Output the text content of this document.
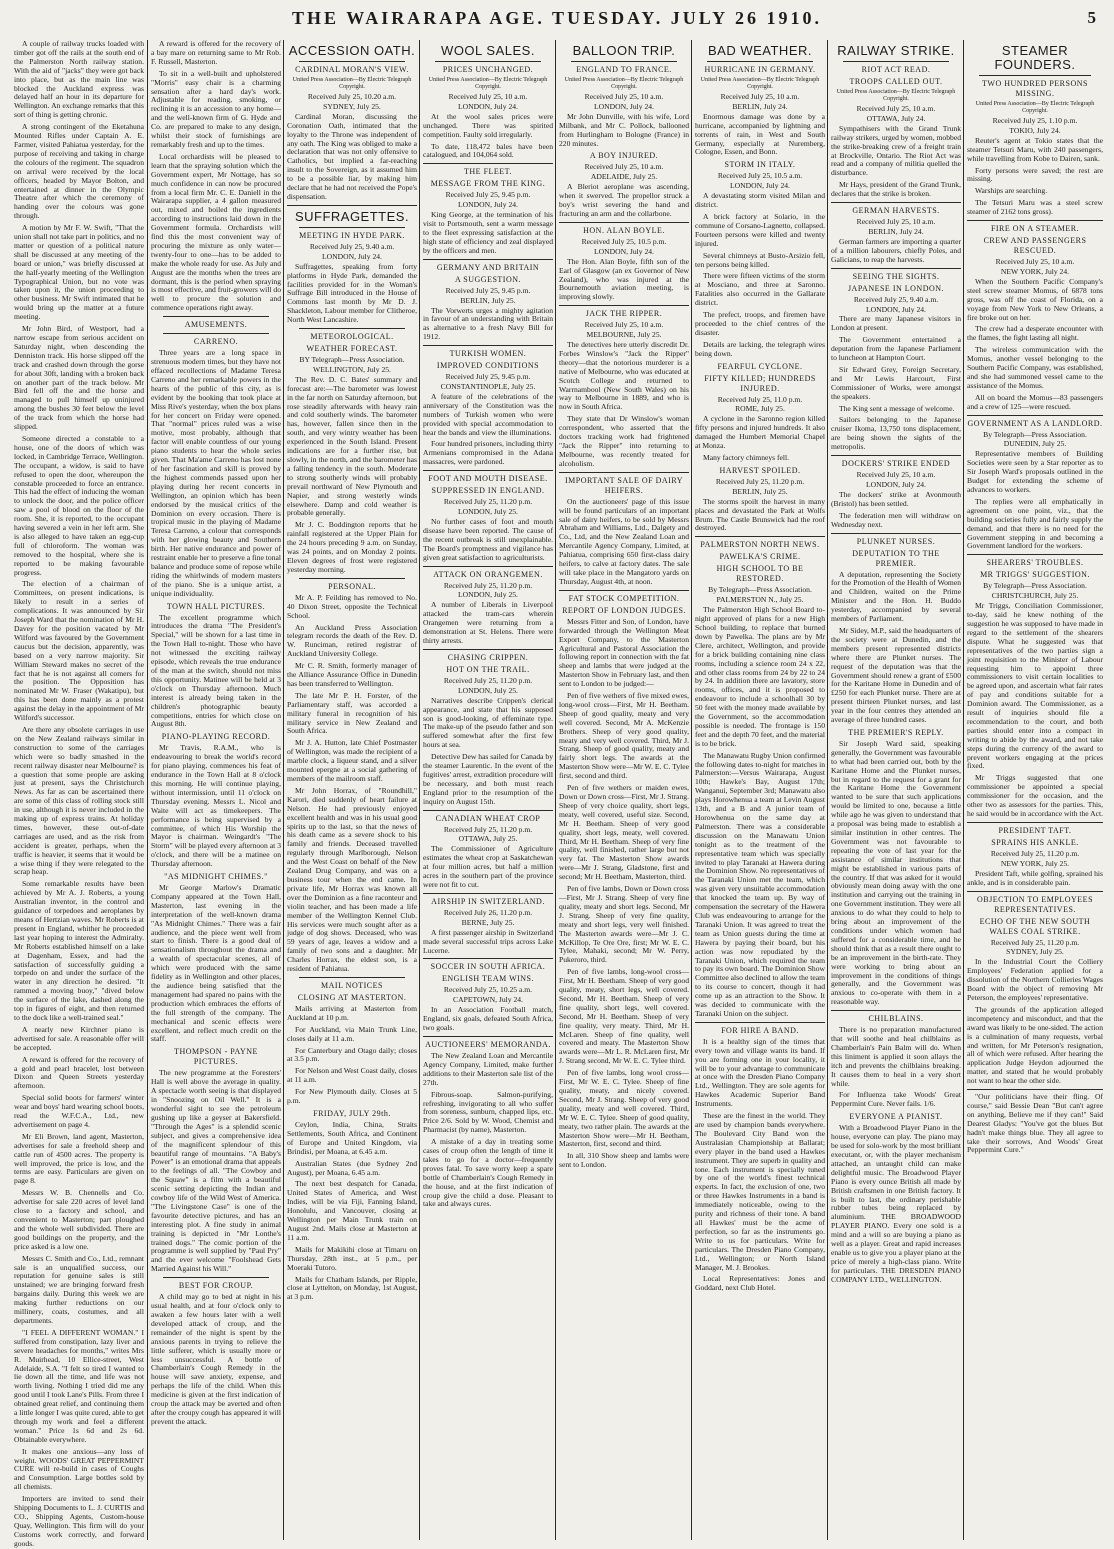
THE WAIRARAPA AGE. TUESDAY. JULY 26 1910.	5

A couple of railway trucks loaded with timber got off the rails at the south end of the Palmerston North railway station. With the aid of "jacks" they were got back into place, but as the main line was blocked the Auckland express was delayed half an hour in its departure for Wellington. An exchange remarks that this sort of thing is getting chronic.

A strong contingent of the Eketahuna Mounted Rifles under Captain A. E. Farmer, visited Pahiatua yesterday, for the purpose of receiving and taking in charge the colours of the regiment. The squadron on arrival were received by the local officers, headed by Mayor Bolton, and entertained at dinner in the Olympic Theatre after which the ceremony of handing over the colours was gone through.

A motion by Mr F. W. Swift, "That the union shall not take part in politics, and no matter or question of a political nature shall be discussed at any meeting of the board or union," was briefly discussed at the half-yearly meeting of the Wellington Typographical Union, but no vote was taken upon it, the union proceeding to other business. Mr Swift intimated that he would bring up the matter at a future meeting.

Mr John Bird, of Westport, had a narrow escape from serious accident on Saturday night, when descending the Denniston track. His horse slipped off the track and crashed down through the gorse for about 30ft, landing with a broken back on another part of the track below. Mr Bird fell off the and the horse and managed to pull himself up uninjured among the bushes 30 feet below the level of the track from which the horse had slipped.

Someone directed a constable to a house, one of the doors of which was locked, in Cambridge Terrace, Wellington. The occupant, a widow, is said to have refused to open the door, whereupon the constable proceeded to force an entrance. This had the effect of inducing the woman to unlock the door, and the police officer saw a pool of blood on the floor of the room. She, it is reported, to the occupant having severed a vein in her left arm. She is also alleged to have taken an egg-cup full of chloroform. The woman was removed to the hospital, where she is reported to be making favourable progress.

The election of a chairman of Committees, on present indications, is likely to result in a series of complications. It was announced by Sir Joseph Ward that the nomination of Mr H. Davey for the position vacated by Mr Wilford was favoured by the Government caucus but the decision, apparently, was based on a very narrow majority. Sir William Steward makes no secret of the fact that he is not against all comers for the position. The Opposition has nominated Mr W. Fraser (Wakatipu), but this has been done mainly as a protest against the delay in the appointment of Mr Wilford's successor.

Are there any obsolete carriages in use on the New Zealand railways similar in construction to some of the carriages which were so badly smashed in the recent railway disaster near Melbourne? is a question that some people are asking just at present, says the Christchurch News. As far as can be ascertained there are some of this class of rolling stock still in use, although it is never included in the making up of express trains. At holiday times, however, these out-of-date carriages are used, and as the risk from accident is greater, perhaps, when the traffic is heavier, it seems that it would be a wise thing if they were relegated to the scrap heap.

Some remarkable results have been achieved by Mr A. J. Roberts, a young Australian inventor, in the control and guidance of torpedoes and aeroplanes by means of Hertzian waves. Mr Roberts is at present in England, whither he proceeded last year hoping to interest the Admiralty. Mr Roberts established himself on a lake at Dagenham, Essex, and had the satisfaction of successfully guiding a torpedo on and under the surface of the water in any direction he desired. "It rammed a moving buoy," "dived below the surface of the lake, dashed along the top in figures of eight, and then returned to the dock like a well-trained seal."

A nearly new Kirchner piano is advertised for sale. A reasonable offer will be accepted.

A reward is offered for the recovery of a gold and pearl bracelet, lost between Dixon and Queen Streets yesterday afternoon.

Special solid boots for farmers' winter wear and boys' hard wearing school boots, read the W.F.C.A., Ltd., new advertisement on page 4.

Mr Eli Brown, land agent, Masterton, advertises for sale a freehold sheep and cattle run of 4500 acres. The property is well improved, the price is low, and the terms are easy. Particulars are given on page 8.

Messrs W. B. Chennells and Co. advertise for sale 220 acres of level land close to a factory and school, and convenient to Masterton; part ploughed and the whole well subdivided. There are good buildings on the property, and the price asked is a low one.

Messrs C. Smith and Co., Ltd., remnant sale is an unqualified success, our reputation for genuine sales is still unstained; we are bringing forward fresh bargains daily. During this week we are making further reductions on our millinery, coats, costumes, and all departments.

"I FEEL A DIFFERENT WOMAN." I suffered from constipation, lazy liver and severe headaches for months," writes Mrs R. Muirhead, 10 Ellice-street, West Adelaide, S.A. "I felt so tired I wanted to lie down all the time, and life was not worth living. Nothing I tried did me any good until I took Lane's Pills. From three I obtained great relief, and continuing them a little longer I was quite cured, able to get through my work and feel a different woman." Price 1s 6d and 2s 6d. Obtainable everywhere.

It makes one anxious—any loss of weight. WOODS' GREAT PEPPERMINT CURE will re-build in cases of Coughs and Consumption. Large bottles sold by all chemists.

Importers are invited to send their Shipping Documents to L. J. CURTIS and CO., Shipping Agents, Custom-house Quay, Wellington. This firm will do your Customs work correctly, and forward goods.

A reward is offered for the recovery of a bay mare on returning same to Mr Rob. F. Russell, Masterton.

To sit in a well-built and upholstered "Morris" easy chair is a charming sensation after a hard day's work. Adjustable for reading, smoking, or reclining it is an accession to any home—and the well-known firm of G. Hyde and Co. are prepared to make to any design, whilst their stock of furnishings are remarkably fresh and up to the times.

Local orchardists will be pleased to learn that the spraying solution which the Government expert, Mr Nottage, has so much confidence in can now be procured from a local firm Mr. C. E. Daniell in the Wairarapa supplier, a 4 gallon measured out, mixed and boiled the ingredients according to instructions laid down in the Government formula. Orchardists will find this the most convenient way of procuring the mixture as only water—twenty-four to one—has to be added to make the whole ready for use. As July and August are the months when the trees are dormant, this is the period when spraying is most effective, and fruit-growers will do well to procure the solution and commence operations right away.

AMUSEMENTS.
CARRENO.

Three years are a long space in strenuous modern times, but they have not effaced recollections of Madame Teresa Carreno and her remarkable powers in the hearts of the public of this city, as is evident by the booking that took place at Miss Rive's yesterday, when the box plans for her concert on Friday were opened. That "normal" prices ruled was a wise motive, most probably, although that factor will enable countless of our young piano students to hear the whole series given. That Ma'ame Carreno has lost none of her fascination and skill is proved by the highest commends passed upon her playing during her recent concerts in Wellington, an opinion which has been endorsed by the musical critics of the Dominion on every occasion. There is tropical music in the playing of Madame Teresa Carreno, a colour that corresponds with her glowing beauty and Southern birth. Her native endurance and power of restraint enable her to preserve a fine tonal balance and produce some of repose while riding the whirlwinds of modern masters of the piano. She is a unique artist, a unique individuality.

TOWN HALL PICTURES.

The excellent programme which introduces the drama "The President's Special," will be shown for a last time in the Town Hall to-night. Those who have not witnessed the exciting railway episode, which reveals the true endurance of the man at the switch, should not miss this opportunity. Matinee will be held at 3 o'clock on Thursday afternoon. Much interest is already being taken in the children's photographic beauty competitions, entries for which close on August 8th.

PIANO-PLAYING RECORD.

Mr Travis, R.A.M., who is endeavouring to break the world's record for piano playing, commences his feat of endurance in the Town Hall at 8 o'clock this morning. He will continue playing, without intermission, until 11 o'clock on Thursday evening. Messrs L. Nicol and Waite will act as timekeepers. The performance is being supervised by a committee, of which His Worship the Mayor is chairman. Weingardt's "The Storm" will be played every afternoon at 3 o'clock, and there will be a matinee on Thursday afternoon.

"AS MIDNIGHT CHIMES."

Mr George Marlow's Dramatic Company appeared at the Town Hall, Masterton, last evening in the interpretation of the well-known drama "As Midnight Chimes." There was a fair audience, and the piece went well from start to finish. There is a good deal of sensationalism throughout the drama and a wealth of spectacular scenes, all of which were produced with the same fidelity as in Wellington and other places, the audience being satisfied that the management had spared no pains with the production which embraces the efforts of the full strength of the company. The mechanical and scenic effects were excellent, and reflect much credit on the staff.

THOMPSON - PAYNE PICTURES.

The new programme at the Foresters' Hall is well above the average in quality. A spectacle worth seeing is that displayed in "Snoozing on Oil Well." It is a wonderful sight to see the petroleum gushing up like a geyser at Bakersfield. "Through the Ages" is a splendid scenic subject, and gives a comprehensive idea of the magnificent splendour of this beautiful range of mountains. "A Baby's Power" is an emotional drama that appeals to the feelings of all. "The Cowboy and the Squaw" is a film with a beautiful scenic setting depicting the Indian and cowboy life of the Wild West of America. "The Livingstone Case" is one of the favourite detective pictures, and has an interesting plot. A fine study in animal training is depicted in "Mr Lonthe's trained dogs." The comic portion of the programme is well supplied by "Paul Pry" and the ever welcome "Foolshead Gets Married Against his Will."

BEST FOR CROUP.

A child may go to bed at night in his usual health, and at four o'clock only to awaken a few hours later with a well developed attack of croup, and the remainder of the night is spent by the anxious parents in trying to relieve the little sufferer, which is usually more or less unsuccessful. A bottle of Chamberlain's Cough Remedy in the house will save anxiety, expense, and perhaps the life of the child. When this medicine is given at the first indication of croup the attack may be averted and often after the croupy cough has appeared it will prevent the attack.

ACCESSION OATH.
CARDINAL MORAN'S VIEW.
United Press Association—By Electric Telegraph Copyright.
Received July 25, 10.20 a.m.
SYDNEY, July 25.

Cardinal Moran, discussing the Coronation Oath, intimated that the loyalty to the Throne was independent of any oath. The King was obliged to make a declaration that was not only offensive to Catholics, but implied a far-reaching insult to the Sovereign, as it assumed him to be a possible liar, by making him declare that he had not received the Pope's dispensation.

SUFFRAGETTES.
MEETING IN HYDE PARK.
Received July 25, 9.40 a.m.
LONDON, July 24.

Suffragettes, speaking from forty platforms in Hyde Park, demanded the facilities provided for in the Woman's Suffrage Bill introduced in the House of Commons last month by Mr D. J. Shackleton, Labour member for Clitheroe, North West Lancashire.

METEOROLOGICAL.
WEATHER FORECAST.
BY Telegraph—Press Association.
WELLINGTON, July 25.

The Rev. D. C. Bates' summary and forecast are:—The barometer was lowest in the far north on Saturday afternoon, but rose steadily afterwards with heavy rain and cold southerly winds. The barometer has, however, fallen since then in the south, and very wintry weather has been experienced in the South Island. Present indications are for a further rise, but slowly, in the north, and the barometer has a falling tendency in the south. Moderate to strong southerly winds will probably prevail northward of New Plymouth and Napier, and strong westerly winds elsewhere. Damp and cold weather is probable generally.

Mr J. C. Boddington reports that he rainfall registered at the Upper Plain for the 24 hours preceding 9 a.m. on Sunday, was 24 points, and on Monday 2 points. Eleven degrees of frost were registered yesterday morning.

PERSONAL.

Mr A. P. Feilding has removed to No. 40 Dixon Street, opposite the Technical School.

An Auckland Press Association telegram records the death of the Rev. D. W. Runciman, retired registrar of Auckland University College.

Mr C. R. Smith, formerly manager of the Alliance Assurance Office in Dunedin has been transferred to Wellington.

The late Mr P. H. Forster, of the Parliamentary staff, was accorded a military funeral in recognition of his military service in New Zealand and South Africa.

Mr J. A. Hutton, late Chief Postmaster of Wellington, was made the recipient of a marble clock, a liqueur stand, and a silver mounted epergne at a social gathering of members of the mailroom staff.

Mr John Horrax, of "Roundhill," Karori, died suddenly of heart failure at Nelson. He had previously enjoyed excellent health and was in his usual good spirits up to the last, so that the news of his death came as a severe shock to his family and friends. Deceased travelled regularly through Marlborough, Nelson and the West Coast on behalf of the New Zealand Drug Company, and was on a business tour when the end came. In private life, Mr Horrax was known all over the Dominion as a fine raconteur and violin teacher, and has been made a life member of the Wellington Kennel Club. His services were much sought after as a judge of dog shows. Deceased, who was 59 years of age, leaves a widow and a family of two sons and a daughter. Mr Charles Horrax, the eldest son, is a resident of Pahiatua.

MAIL NOTICES
CLOSING AT MASTERTON.

Mails arriving at Masterton from Auckland at 10 p.m.

For Auckland, via Main Trunk Line, closes daily at 11 a.m.

For Canterbury and Otago daily; closes at 3.5 p.m.

For Nelson and West Coast daily, closes at 11 a.m.

For New Plymouth daily. Closes at 5 p.m.

FRIDAY, JULY 29th.

Ceylon, India, China, Straits Settlements, South Africa, and Continent of Europe and United Kingdom, via Brindisi, per Moana, at 6.45 a.m.

Australian States (due Sydney 2nd August), per Moana, 6.45 a.m.

The next best despatch for Canada, United States of America, and West Indies, will be via Fiji, Fanning Island, Honolulu, and Vancouver, closing at Wellington per Main Trunk train on August 2nd. Mails close at Masterton at 11 a.m.

Mails for Makikihi close at Timaru on Thursday, 28th inst., at 5 p.m., per Moeraki Tutoro.

Mails for Chatham Islands, per Ripple, close at Lyttelton, on Monday, 1st August, at 3 p.m.

WOOL SALES.
PRICES UNCHANGED.
United Press Association—By Electric Telegraph Copyright.
Received July 25, 10 a.m.
LONDON, July 24.

At the wool sales prices were unchanged. There was spirited competition. Faulty sold irregularly.

To date, 118,472 bales have been catalogued, and 104,064 sold.

THE FLEET.
MESSAGE FROM THE KING.
Received July 25, 9.45 p.m.
LONDON, July 24.

King George, at the termination of his visit to Portsmouth, sent a warm message to the fleet expressing satisfaction at the high state of efficiency and zeal displayed by the officers and men.

GERMANY AND BRITAIN
A SUGGESTION.
Received July 25, 9.45 p.m.
BERLIN, July 25.

The Vorwerts urges a mighty agitation in favour of an understanding with Britain as alternative to a fresh Navy Bill for 1912.

TURKISH WOMEN.
IMPROVED CONDITIONS
Received July 25, 9.45 p.m.
CONSTANTINOPLE, July 25.

A feature of the celebrations of the anniversary of the Constitution was the numbers of Turkish women who were provided with special accommodation to hear the bands and view the illuminations.

Four hundred prisoners, including thirty Armenians compromised in the Adana massacres, were pardoned.

FOOT AND MOUTH DISEASE.
SUPPRESSED IN ENGLAND.
Received July 25, 11.20 p.m.
LONDON, July 25.

No further cases of foot and mouth disease have been reported. The cause of the recent outbreak is still unexplainable. The Board's promptness and vigilance has given great satisfaction to agriculturists.

ATTACK ON ORANGEMEN.
Received July 25, 11.20 p.m.
LONDON, July 25.

A number of Liberals in Liverpool attacked the tram-cars wherein Orangemen were returning from a demonstration at St. Helens. There were thirty arrests.

CHASING CRIPPEN.
HOT ON THE TRAIL.
Received July 25, 11.20 p.m.
LONDON, July 25.

Narratives describe Crippen's clerical appearance, and state that his supposed son is good-looking, of effeminate type. The make-up of the pseudo father and son suffered somewhat after the first few hours at sea.

Detective Dew has sailed for Canada by the steamer Laurentic. In the event of the fugitives' arrest, extradition procedure will be necessary, and both must reach England prior to the resumption of the inquiry on August 15th.

CANADIAN WHEAT CROP
Received July 25, 11.20 p.m.
OTTAWA, July 25.

The Commissioner of Agriculture estimates the wheat crop at Saskatchewan at four million acres, but half a million acres in the southern part of the province were not fit to cut.

AIRSHIP IN SWITZERLAND.
Received July 26, 11.20 p.m.
BERNE, July 25.

A first passenger airship in Switzerland made several successful trips across Lake Lucerne.

SOCCER IN SOUTH AFRICA.
ENGLISH TEAM WINS.
Received July 25, 10.25 a.m.
CAPETOWN, July 24.

In an Association Football match, England, six goals, defeated South Africa, two goals.

AUCTIONEERS' MEMORANDA.

The New Zealand Loan and Mercantile Agency Company, Limited, make further additions to their Masterton sale list of the 27th.

Fibrous-soap. Salmon-purifying, refreshing, invigorating to all who suffer from soreness, sunburn, chapped lips, etc. Price 2/6. Sold by W. Wood, Chemist and Pharmacist (by name), Masterton.

A mistake of a day in treating some cases of croup often the length of time it takes to go for a doctor—frequently proves fatal. To save worry keep a spare bottle of Chamberlain's Cough Remedy in the house, and at the first indication of croup give the child a dose. Pleasant to take and always cures.

BALLOON TRIP.
ENGLAND TO FRANCE.
United Press Association—By Electric Telegraph Copyright.
Received July 25, 10 a.m.
LONDON, July 24.

Mr John Dunville, with his wife, Lord Milbank, and Mr C. Pollock, ballooned from Hurlingham to Bologne (France) in 220 minutes.

A BOY INJURED.
Received July 25, 10 a.m.
ADELAIDE, July 25.

A Bleriot aeroplane was ascending, when it swerved. The propellor struck a boy's wrist severing the hand and fracturing an arm and the collarbone.

HON. ALAN BOYLE.
Received July 25, 10.5 p.m.
LONDON, July 24.

The Hon. Alan Boyle, fifth son of the Earl of Glasgow (an ex Governor of New Zealand), who was injured at the Bournemouth aviation meeting, is improving slowly.

JACK THE RIPPER.
Received July 25, 10 a.m.
MELBOURNE, July 25.

The detectives here utterly discredit Dr. Forbes Winslow's "Jack the Ripper" theory—that the notorious murderer is a native of Melbourne, who was educated at Scotch College and returned to Warrnambool (New South Wales) on his way to Melbourne in 1889, and who is now in South Africa.

They state that Dr Winslow's woman correspondent, who asserted that the doctors tracking work had frightened "Jack the Ripper" into returning to Melbourne, was recently treated for alcoholism.

IMPORTANT SALE OF DAIRY HEIFERS.

On the auctioneers' page of this issue will be found particulars of an important sale of dairy heifers, to be sold by Messrs Abraham and Williams, Ltd., Dalgety and Co., Ltd, and the New Zealand Loan and Mercantile Agency Company, Limited, at Pahiatua, comprising 650 first-class dairy heifers, to calve at factory dates. The sale will take place in the Mangatoro yards on Thursday, August 4th, at noon.

FAT STOCK COMPETITION.
REPORT OF LONDON JUDGES.

Messrs Fitter and Son, of London, have forwarded through the Wellington Meat Export Company, to the Masterton Agricultural and Pastoral Association the following report in connection with the fat sheep and lambs that were judged at the Masterton Show in February last, and then sent to London to be judged:—

Pen of five wethers of five mixed ewes, long-wool cross—First, Mr H. Beetham. Sheep of good quality, meaty and very well covered. Second, Mr A. McKenzie Brothers. Sheep of very good quality, meaty and very well covered. Third, Mr J. Strang. Sheep of good quality, meaty and fairly short legs. The awards at the Masterton Show were—Mr W. E. C. Tylee first, second and third.

Pen of five wethers or maiden ewes, Down or Down cross—First, Mr J. Strang. Sheep of very choice quality, short legs, meaty, well covered, useful size. Second, Mr H. Beetham. Sheep of very good quality, short legs, meaty, well covered. Third, Mr H. Beetham. Sheep of very fine quality, well finished, rather large but not very fat. The Masterton Show awards were—Mr J. Strang, Gladstone, first and second; Mr H. Beetham, Masterton, third.

Pen of five lambs, Down or Down cross—First, Mr J. Strang. Sheep of very fine quality, meaty and short legs. Second, Mr J. Strang. Sheep of very fine quality, meaty and short legs, very well finished. The Masterton awards were—Mr J. C. McKillop, Te Ore Ore, first; Mr W. E. C. Tylee, Mahaki, second; Mr W. Perry, Pukeroro, third.

Pen of five lambs, long-wool cross—First, Mr H. Beetham. Sheep of very good quality, meaty, short legs, well covered. Second, Mr H. Beetham. Sheep of very fine quality, short legs, well covered. Second, Mr H. Beetham. Sheep of very fine quality, very meaty. Third, Mr H. McLaren. Sheep of fine quality, well covered and meaty. The Masterton Show awards were—Mr L. R. McLaren first, Mr J. Strang second, Mr W. E. C. Tylee third.

Pen of five lambs, long wool cross—First, Mr W. E. C. Tylee. Sheep of fine quality, meaty, and nicely covered. Second, Mr J. Strang. Sheep of very good quality, meaty and well covered. Third, Mr W. E. C. Tylee. Sheep of good quality, meaty, two rather plain. The awards at the Masterton Show were—Mr H. Beetham, Masterton, first, second and third.

In all, 310 Show sheep and lambs were sent to London.

BAD WEATHER.
HURRICANE IN GERMANY.
United Press Association—By Electric Telegraph Copyright.
Received July 25, 10 a.m.
BERLIN, July 24.

Enormous damage was done by a hurricane, accompanied by lightning and torrents of rain, in West and South Germany, especially at Nuremberg, Cologne, Essen, and Bonn.

STORM IN ITALY.
Received July 25, 10.5 a.m.
LONDON, July 24.

A devastating storm visited Milan and district.

A brick factory at Solario, in the commune of Corsano-Lagnetto, collapsed. Fourteen persons were killed and twenty injured.

Several chimneys at Busto-Arsizio fell, ten persons being killed.

There were fifteen victims of the storm at Mosciano, and three at Saronno. Fatalities also occurred in the Gallarate district.

The prefect, troops, and firemen have proceeded to the chief centres of the disaster.

Details are lacking, the telegraph wires being down.

FEARFUL CYCLONE.
FIFTY KILLED; HUNDREDS INJURED.
Received July 25, 11.0 p.m.
ROME, July 25.

A cyclone in the Saronno region killed fifty persons and injured hundreds. It also damaged the Humbert Memorial Chapel at Monza.

Many factory chimneys fell.

HARVEST SPOILED.
Received July 25, 11.20 p.m.
BERLIN, July 25.

The storms spoilt the harvest in many places and devastated the Park at Wolfs Brum. The Castle Brunswick had the roof destroyed.

PALMERSTON NORTH NEWS.
PAWELKA'S CRIME.
HIGH SCHOOL TO BE RESTORED.
By Telegraph—Press Association.
PALMERSTON N., July 25.

The Palmerston High School Board to-night approved of plans for a new High School building, to replace that burned down by Pawelka. The plans are by Mr Clere, architect, Wellington, and provide for a brick building containing nine class rooms, including a science room 24 x 22, and other class rooms from 24 by 22 to 24 by 24. In addition there are lavatory, store rooms, offices, and it is proposed to endeavour to include a schoolhall 30 by 50 feet with the money made available by the Government, so the accommodation possible is needed. The frontage is 150 feet and the depth 70 feet, and the material is to be brick.

The Manawatu Rugby Union confirmed the following dates to-night for matches in Palmerston:—Versus Wairarapa, August 10th; Hawke's Bay, August 17th; Wanganui, September 3rd; Manawatu also plays Horowhenua a team at Levin August 13th, and a B and A junior team of Horowhenua on the same day at Palmerston. There was a considerable discussion on the Manawatu Union tonight as to the treatment of the representative team which was specially invited to play Taranaki at Hawera during the Dominion Show. No representatives of the Taranaki Union met the team, which was given very unsuitable accommodation that knocked the team up. By way of compensation the secretary of the Hawera Club was endeavouring to arrange for the Taranaki Union. It was agreed to treat the team as Union guests during the time at Hawera by paying their board, but his action was now repudiated by the Taranaki Union, which required the team to pay its own board. The Dominion Show Committee also declined to allow the team to its course to concert, though it had come up as an attraction to the Show. It was decided to communicate with the Taranaki Union on the subject.

FOR HIRE A BAND.

It is a healthy sign of the times that every town and village wants its band. If you are forming one in your locality, it will be to your advantage to communicate at once with the Dresden Piano Company Ltd., Wellington. They are sole agents for Hawkes Academic Superior Band Instruments.

These are the finest in the world. They are used by champion bands everywhere. The Boulevard City Band won the Australasian Championship at Ballarat; every player in the band used a Hawkes instrument. They are superb in quality and tone. Each instrument is specially tuned by one of the world's finest technical experts. In fact, the exclusion of one, two or three Hawkes Instruments in a band is immediately noticeable, owing to the purity and richness of their tone. A band all Hawkes' must be the acme of perfection, so far as the instruments go. Write to us for particulars. Write for particulars. The Dresden Piano Company, Ltd., Wellington; or North Island Manager, M. J. Brookes.

Local Representatives: Jones and Goddard, next Club Hotel.

RAILWAY STRIKE.
RIOT ACT READ.
TROOPS CALLED OUT.
United Press Association—By Electric Telegraph Copyright.
Received July 25, 10 a.m.
OTTAWA, July 24.

Sympathisers with the Grand Trunk railway strikers, urged by women, mobbed the strike-breaking crew of a freight train at Brockville, Ontario. The Riot Act was read and a company of militia quelled the disturbance.

Mr Hays, president of the Grand Trunk, declares that the strike is broken.

GERMAN HARVESTS.
Received July 25, 10 a.m.
BERLIN, July 24.

German farmers are importing a quarter of a million labourers, chiefly Poles, and Galicians, to reap the harvests.

SEEING THE SIGHTS.
JAPANESE IN LONDON.
Received July 25, 9.40 a.m.
LONDON, July 24.

There are many Japanese visitors in London at present.

The Government entertained a deputation from the Japanese Parliament to luncheon at Hampton Court.

Sir Edward Grey, Foreign Secretary, and Mr Lewis Harcourt, First Commissioner of Works, were amongst the speakers.

The King sent a message of welcome.

Sailors belonging to the Japanese cruiser Ikoma, 13,750 tons displacement, are being shown the sights of the metropolis.

DOCKERS' STRIKE ENDED
Received July 25, 10 a.m.
LONDON, July 24.

The dockers' strike at Avonmouth (Bristol) has been settled.

The federation men will withdraw on Wednesday next.

PLUNKET NURSES.
DEPUTATION TO THE PREMIER.

A deputation, representing the Society for the Promotion of the Health of Women and Children, waited on the Prime Minister and the Hon. H. Buddo yesterday, accompanied by several members of Parliament.

Mr Sidey, M.P., said the headquarters of the society were at Dunedin, and the members present represented districts where there are Plunket nurses. The request of the deputation was that the Government should renew a grant of £500 for the Karitane Home in Dunedin and of £250 for each Plunket nurse. There are at present thirteen Plunket nurses, and last year in the four centres they attended an average of three hundred cases.

THE PREMIER'S REPLY.

Sir Joseph Ward said, speaking generally, the Government was favourable to what had been carried out, both by the Karitane Home and the Plunket nurses, but in regard to the request for a grant for the Karitane Home the Government wanted to be sure that such applications would be limited to one, because a little while ago he was given to understand that a proposal was being made to establish a similar institution in other centres. The Government was not favourable to repeating the vote of last year for the assistance of similar institutions that might be established in various parts of the country. If that was asked for it would obviously mean doing away with the one institution and carrying out the training in one Government institution. They were all anxious to do what they could to help to bring about an improvement of the conditions under which women had suffered for a considerable time, and he should think that as a result there ought to be an improvement in the birth-rate. They were working to bring about an improvement in the conditions of things generally, and the Government was anxious to co-operate with them in a reasonable way.

CHILBLAINS.

There is no preparation manufactured that will soothe and heal chilblains as Chamberlain's Pain Balm will do. When this liniment is applied it soon allays the itch and prevents the chilblains breaking. It causes them to heal in a very short while.

For Influenza take Woods' Great Peppermint Cure. Never fails. 1/6.

EVERYONE A PIANIST.

With a Broadwood Player Piano in the house, everyone can play. The piano may be used for solo-work by the most brilliant executant, or, with the player mechanism attached, an untaught child can make delightful music. The Broadwood Player Piano is every ounce British all made by British craftsmen in one British factory. It is built to last, the ordinary perishable rubber tubes being replaced by aluminium. THE BROADWOOD PLAYER PIANO. Every one sold is a mind and a will so are buying a piano as well as a player. Great and rapid increases enable us to give you a player piano at the price of merely a high-class piano. Write for particulars. THE DRESDEN PIANO COMPANY LTD., WELLINGTON.

STEAMER FOUNDERS.
TWO HUNDRED PERSONS MISSING.
United Press Association—By Electric Telegraph Copyright.
Received July 25, 1.10 p.m.
TOKIO, July 24.

Reuter's agent at Tokio states that the steamer Tetsuri Maru, with 240 passengers, while travelling from Kobe to Dairen, sank.

Forty persons were saved; the rest are missing.

Warships are searching.

The Tetsuri Maru was a steel screw steamer of 2162 tons gross).

FIRE ON A STEAMER.
CREW AND PASSENGERS RESCUED.
Received July 25, 10 a.m.
NEW YORK, July 24.

When the Southern Pacific Company's steel screw steamer Momus, of 6878 tons gross, was off the coast of Florida, on a voyage from New York to New Orleans, a fire broke out on her.

The crew had a desperate encounter with the flames, the fight lasting all night.

The wireless communication with the Momus, another vessel belonging to the Southern Pacific Company, was established, and she had summoned vessel came to the assistance of the Momus.

All on board the Momus—83 passengers and a crew of 125—were rescued.

GOVERNMENT AS A LANDLORD.
By Telegraph—Press Association.
DUNEDIN, July 25.

Representative members of Building Societies were seen by a Star reporter as to Sir Joseph Ward's proposals outlined in the Budget for extending the scheme of advances to workers.

The replies were all emphatically in agreement on one point, viz., that the building societies fully and fairly supply the demand, and that there is no need for the Government stepping in and becoming a Government landlord for the workers.

SHEARERS' TROUBLES.
MR TRIGGS' SUGGESTION.
By Telegraph—Press Association.
CHRISTCHURCH, July 25.

Mr Triggs, Conciliation Commissioner, to-day, said he knew nothing of the suggestion he was supposed to have made in regard to the settlement of the shearers dispute. What he suggested was that representatives of the two parties sign a joint requisition to the Minister of Labour requesting him to appoint three commissioners to visit certain localities to be agreed upon, and ascertain what fair rates of pay and conditions suitable for a Dominion award. The Commissioner, as a result of inquiries should file a recommendation to the court, and both parties should enter into a compact in writing to abide by the award, and not take steps during the currency of the award to prevent workers engaging at the prices fixed.

Mr Triggs suggested that one commissioner be appointed a special commissioner for the occasion, and the other two as assessors for the parties. This, he said would be in accordance with the Act.

PRESIDENT TAFT.
SPRAINS HIS ANKLE.
Received July 25, 11.20 p.m.
NEW YORK, July 25.

President Taft, while golfing, sprained his ankle, and is in considerable pain.

OBJECTION TO EMPLOYEES REPRESENTATIVES.
ECHO OF THE NEW SOUTH WALES COAL STRIKE.
Received July 25, 11.20 p.m.
SYDNEY, July 25.

In the Industrial Court the Colliery Employees' Federation applied for a dissolution of the Northern Collieries Wages Board with the object of removing Mr Peterson, the employees' representative.

The grounds of the application alleged incompetency and misconduct, and that the award was likely to be one-sided. The action is a culmination of many requests, verbal and written, for Mr Peterson's resignation, all of which were refused. After hearing the application Judge Heydon adjourned the matter, and stated that he would probably not want to hear the other side.

"Our politicians have their fling. Of course," said Bessie Dean "But can't agree on anything, Believe me if they can!" Said Dearest Gladys: "You've got the blues But hadn't make things blue. They all agree to take their sorrows, And Woods' Great Peppermint Cure."
